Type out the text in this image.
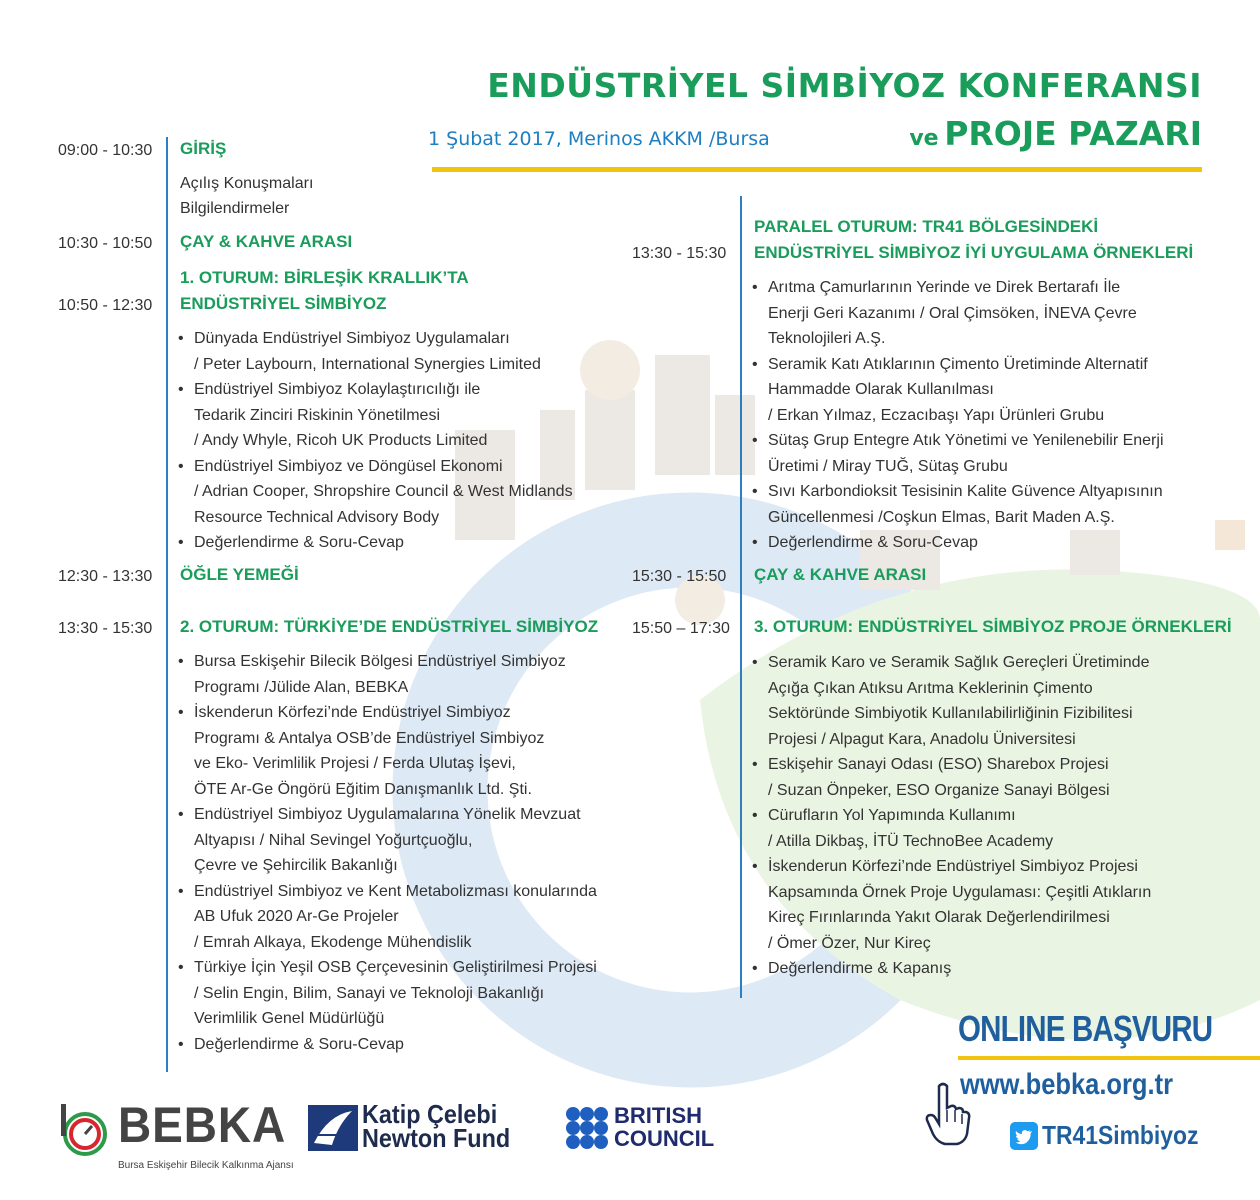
ENDÜSTRİYEL SİMBİYOZ KONFERANSI
1 Şubat 2017, Merinos AKKM /Bursa	ve PROJE PAZARI
09:00 - 10:30 GİRİŞ
Açılış Konuşmaları
Bilgilendirmeler
10:30 - 10:50 ÇAY & KAHVE ARASI
10:50 - 12:30
1. OTURUM: BİRLEŞİK KRALLIK’TA
ENDÜSTRİYEL SİMBİYOZ
• Dünyada Endüstriyel Simbiyoz Uygulamaları
/ Peter Laybourn, International Synergies Limited
• Endüstriyel Simbiyoz Kolaylaştırıcılığı ile
Tedarik Zinciri Riskinin Yönetilmesi
/ Andy Whyle, Ricoh UK Products Limited
• Endüstriyel Simbiyoz ve Döngüsel Ekonomi
/ Adrian Cooper, Shropshire Council & West Midlands
Resource Technical Advisory Body
• Değerlendirme & Soru-Cevap
12:30 - 13:30 ÖĞLE YEMEĞİ
13:30 - 15:30 2. OTURUM: TÜRKİYE’DE ENDÜSTRİYEL SİMBİYOZ
• Bursa Eskişehir Bilecik Bölgesi Endüstriyel Simbiyoz
Programı /Jülide Alan, BEBKA
• İskenderun Körfezi’nde Endüstriyel Simbiyoz
Programı & Antalya OSB’de Endüstriyel Simbiyoz
ve Eko- Verimlilik Projesi / Ferda Ulutaş İşevi,
ÖTE Ar-Ge Öngörü Eğitim Danışmanlık Ltd. Şti.
• Endüstriyel Simbiyoz Uygulamalarına Yönelik Mevzuat
Altyapısı / Nihal Sevingel Yoğurtçuoğlu,
Çevre ve Şehircilik Bakanlığı
• Endüstriyel Simbiyoz ve Kent Metabolizması konularında
AB Ufuk 2020 Ar-Ge Projeler
/ Emrah Alkaya, Ekodenge Mühendislik
• Türkiye İçin Yeşil OSB Çerçevesinin Geliştirilmesi Projesi
/ Selin Engin, Bilim, Sanayi ve Teknoloji Bakanlığı
Verimlilik Genel Müdürlüğü
• Değerlendirme & Soru-Cevap
13:30 - 15:30
PARALEL OTURUM: TR41 BÖLGESİNDEKİ
ENDÜSTRİYEL SİMBİYOZ İYİ UYGULAMA ÖRNEKLERİ
• Arıtma Çamurlarının Yerinde ve Direk Bertarafı İle
Enerji Geri Kazanımı / Oral Çimsöken, İNEVA Çevre
Teknolojileri A.Ş.
• Seramik Katı Atıklarının Çimento Üretiminde Alternatif
Hammadde Olarak Kullanılması
/ Erkan Yılmaz, Eczacıbaşı Yapı Ürünleri Grubu
• Sütaş Grup Entegre Atık Yönetimi ve Yenilenebilir Enerji
Üretimi / Miray TUĞ, Sütaş Grubu
• Sıvı Karbondioksit Tesisinin Kalite Güvence Altyapısının
Güncellenmesi /Coşkun Elmas, Barit Maden A.Ş.
• Değerlendirme & Soru-Cevap
15:30 - 15:50 ÇAY & KAHVE ARASI
15:50 – 17:30 3. OTURUM: ENDÜSTRİYEL SİMBİYOZ PROJE ÖRNEKLERİ
• Seramik Karo ve Seramik Sağlık Gereçleri Üretiminde
Açığa Çıkan Atıksu Arıtma Keklerinin Çimento
Sektöründe Simbiyotik Kullanılabilirliğinin Fizibilitesi
Projesi / Alpagut Kara, Anadolu Üniversitesi
• Eskişehir Sanayi Odası (ESO) Sharebox Projesi
/ Suzan Önpeker, ESO Organize Sanayi Bölgesi
• Cürufların Yol Yapımında Kullanımı
/ Atilla Dikbaş, İTÜ TechnoBee Academy
• İskenderun Körfezi’nde Endüstriyel Simbiyoz Projesi
Kapsamında Örnek Proje Uygulaması: Çeşitli Atıkların
Kireç Fırınlarında Yakıt Olarak Değerlendirilmesi
/ Ömer Özer, Nur Kireç
• Değerlendirme & Kapanış
ONLINE BAŞVURU
www.bebka.org.tr
TR41Simbiyoz
BEBKA
Bursa Eskişehir Bilecik Kalkınma Ajansı
Katip Çelebi
Newton Fund
BRITISH
COUNCIL
